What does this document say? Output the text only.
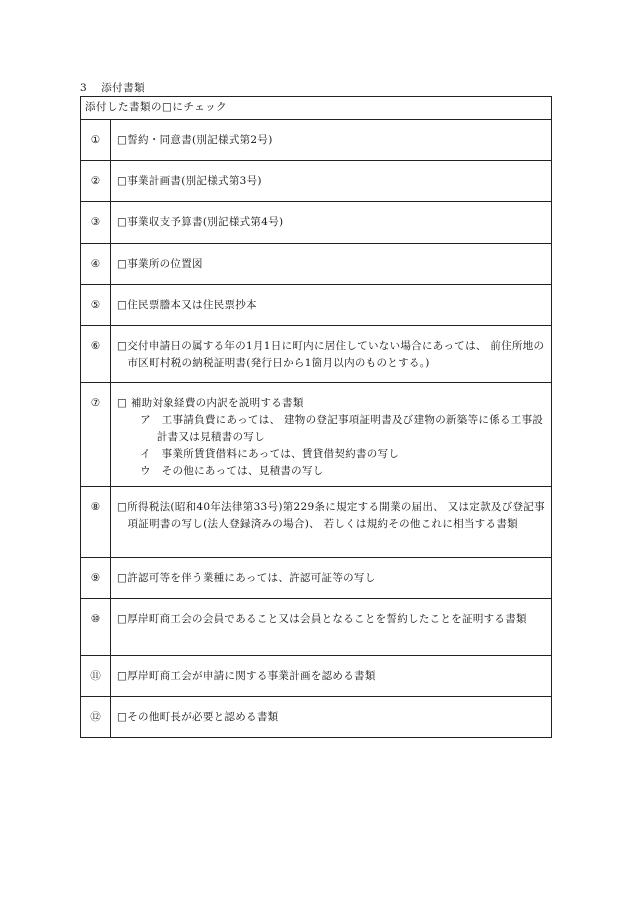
3 添付書類
添付した書類の□にチェック	

①	□誓約・同意書(別記様式第2号)

②	□事業計画書(別記様式第3号)

③	□事業収支予算書(別記様式第4号)

④	□事業所の位置図

⑤	□住民票謄本又は住民票抄本

⑥	□交付申請日の属する年の1月1日に町内に居住していない場合にあっては、 前住所地の市区町村税の納税証明書(発行日から1箇月以内のものとする。)

⑦	□ 補助対象経費の内訳を説明する書類
ア　工事請負費にあっては、 建物の登記事項証明書及び建物の新築等に係る工事設計書又は見積書の写し
イ　事業所賃貸借料にあっては、賃貸借契約書の写し
ウ　その他にあっては、見積書の写し

⑧	□所得税法(昭和40年法律第33号)第229条に規定する開業の届出、 又は定款及び登記事項証明書の写し(法人登録済みの場合)、 若しくは規約その他これに相当する書類

⑨	□許認可等を伴う業種にあっては、許認可証等の写し

⑩	□厚岸町商工会の会員であること又は会員となることを誓約したことを証明する書類

⑪	□厚岸町商工会が申請に関する事業計画を認める書類

⑫	□その他町長が必要と認める書類
